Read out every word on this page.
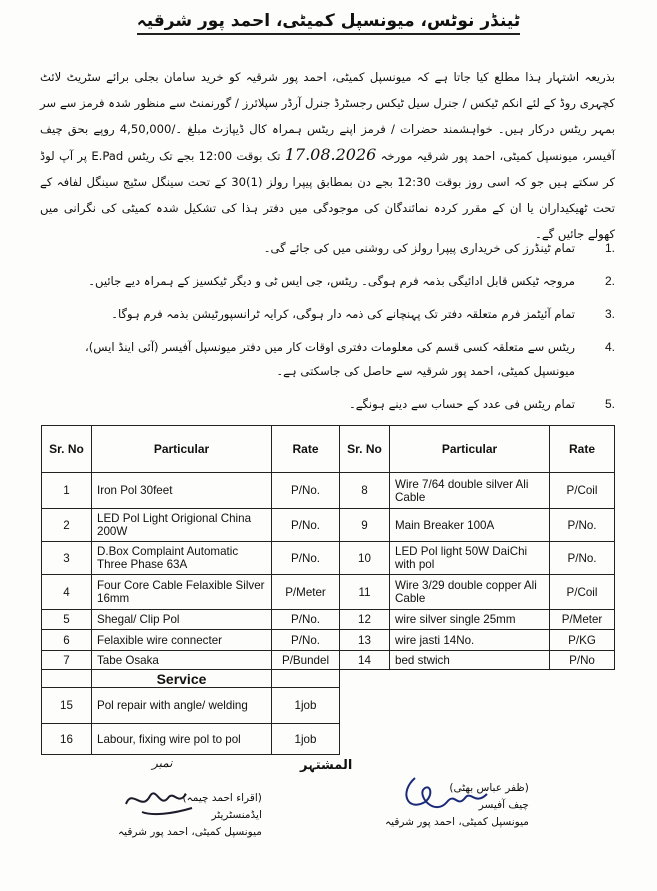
ٹینڈر نوٹس، میونسپل کمیٹی، احمد پور شرقیہ
بذریعہ اشتہار ہذا مطلع کیا جاتا ہے کہ میونسپل کمیٹی، احمد پور شرقیہ کو خرید سامان بجلی برائے سٹریٹ لائٹ کچہری روڈ کے لئے انکم ٹیکس / جنرل سیل ٹیکس رجسٹرڈ جنرل آرڈر سپلائرز / گورنمنٹ سے منظور شدہ فرمز سے سر بمہر ریٹس درکار ہیں۔ خواہشمند حضرات / فرمز اپنے ریٹس ہمراہ کال ڈیپازٹ مبلغ ۔/4,50,000 روپے بحق چیف آفیسر، میونسپل کمیٹی، احمد پور شرقیہ مورخہ 17.08.2026 تک بوقت 12:00 بجے تک ریٹس E.Pad پر آپ لوڈ کر سکتے ہیں جو کہ اسی روز بوقت 12:30 بجے دن بمطابق پیپرا رولز (1)30 کے تحت سینگل سٹیج سینگل لفافہ کے تحت ٹھیکیداران یا ان کے مقرر کردہ نمائندگان کی موجودگی میں دفتر ہذا کی تشکیل شدہ کمیٹی کی نگرانی میں کھولے جائیں گے۔
1.
تمام ٹینڈرز کی خریداری پیپرا رولز کی روشنی میں کی جائے گی۔
2.
مروجہ ٹیکس قابل ادائیگی بذمہ فرم ہوگی۔ ریٹس، جی ایس ٹی و دیگر ٹیکسیز کے ہمراہ دیے جائیں۔
3.
تمام آئیٹمز فرم متعلقہ دفتر تک پہنچانے کی ذمہ دار ہوگی، کرایہ ٹرانسپورٹیشن بذمہ فرم ہوگا۔
4.
ریٹس سے متعلقہ کسی قسم کی معلومات دفتری اوقات کار میں دفتر میونسپل آفیسر (آئی اینڈ ایس)، میونسپل کمیٹی، احمد پور شرقیہ سے حاصل کی جاسکتی ہے۔
5.
تمام ریٹس فی عدد کے حساب سے دینے ہونگے۔
Sr. No	Particular	Rate	Sr. No	Particular	Rate
1	Iron Pol 30feet	P/No.	8	Wire 7/64 double silver Ali Cable	P/Coil
2	LED Pol Light Origional China 200W	P/No.	9	Main Breaker 100A	P/No.
3	D.Box Complaint Automatic Three Phase 63A	P/No.	10	LED Pol light 50W DaiChi with pol	P/No.
4	Four Core Cable Felaxible Silver 16mm	P/Meter	11	Wire 3/29 double copper Ali Cable	P/Coil
5	Shegal/ Clip Pol	P/No.	12	wire silver single 25mm	P/Meter
6	Felaxible wire connecter	P/No.	13	wire jasti 14No.	P/KG
7	Tabe Osaka	P/Bundel	14	bed stwich	P/No
	Service				
15	Pol repair with angle/ welding	1job			
16	Labour, fixing wire pol to pol	1job			
المشتہر
نمبر
(اقراء احمد چیمہ)
ایڈمنسٹریٹر
میونسپل کمیٹی، احمد پور شرقیہ
(ظفر عباس بھٹی)
چیف آفیسر
میونسپل کمیٹی، احمد پور شرقیہ
